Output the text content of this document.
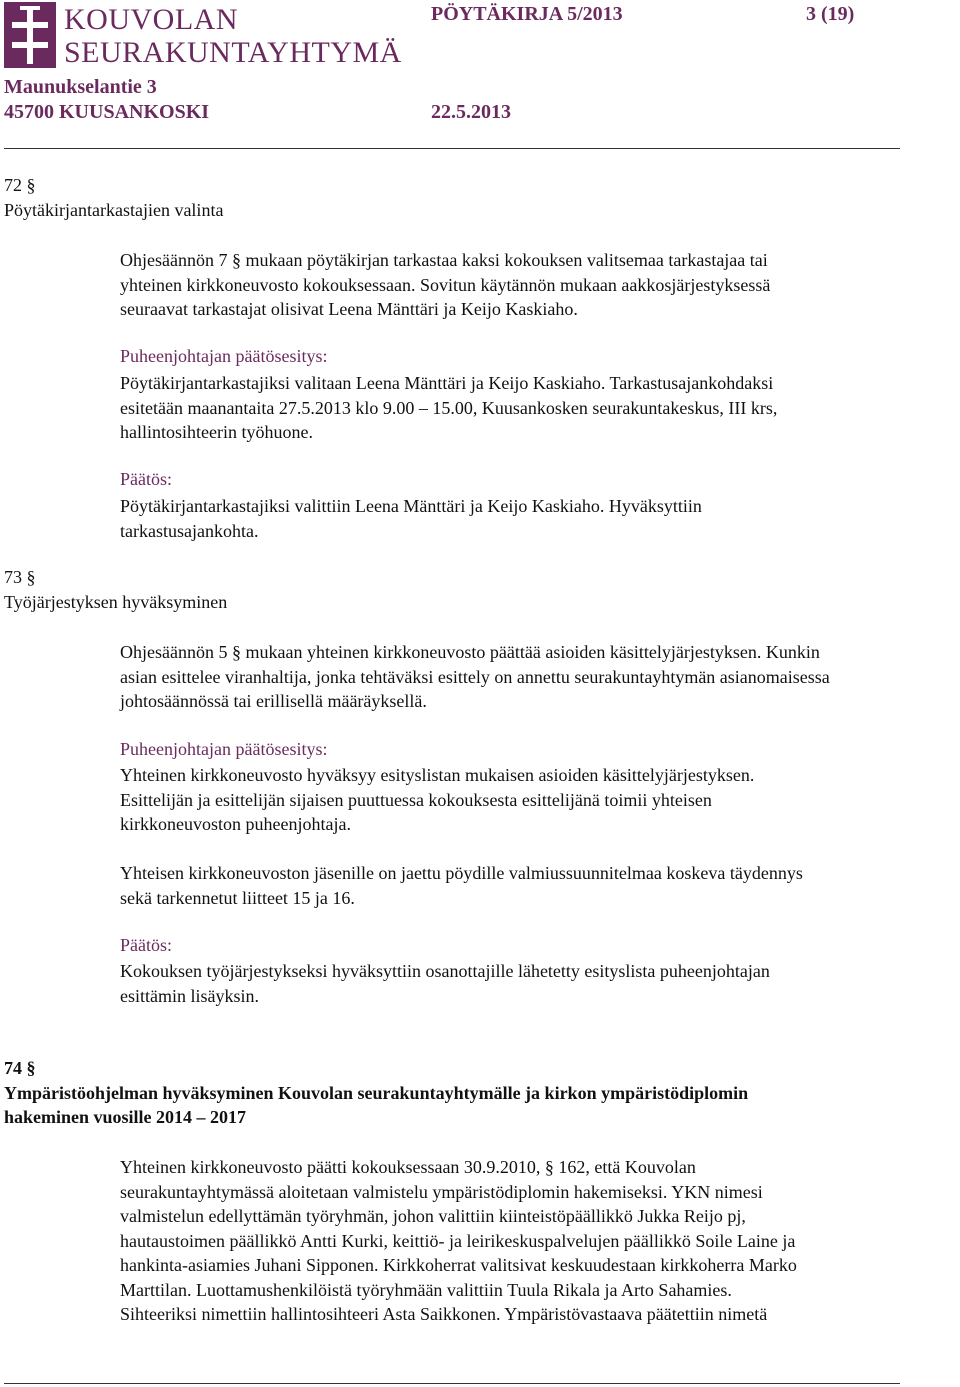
KOUVOLAN
SEURAKUNTAYHTYMÄ
Maunukselantie 3
45700 KUUSANKOSKI	22.5.2013
PÖYTÄKIRJA 5/2013	3 (19)
72 §
Pöytäkirjantarkastajien valinta
Ohjesäännön 7 § mukaan pöytäkirjan tarkastaa kaksi kokouksen valitsemaa tarkastajaa tai
yhteinen kirkkoneuvosto kokouksessaan. Sovitun käytännön mukaan aakkosjärjestyksessä
seuraavat tarkastajat olisivat Leena Mänttäri ja Keijo Kaskiaho.
Puheenjohtajan päätösesitys:
Pöytäkirjantarkastajiksi valitaan Leena Mänttäri ja Keijo Kaskiaho. Tarkastusajankohdaksi
esitetään maanantaita 27.5.2013 klo 9.00 – 15.00, Kuusankosken seurakuntakeskus, III krs,
hallintosihteerin työhuone.
Päätös:
Pöytäkirjantarkastajiksi valittiin Leena Mänttäri ja Keijo Kaskiaho. Hyväksyttiin
tarkastusajankohta.
73 §
Työjärjestyksen hyväksyminen
Ohjesäännön 5 § mukaan yhteinen kirkkoneuvosto päättää asioiden käsittelyjärjestyksen. Kunkin
asian esittelee viranhaltija, jonka tehtäväksi esittely on annettu seurakuntayhtymän asianomaisessa
johtosäännössä tai erillisellä määräyksellä.
Puheenjohtajan päätösesitys:
Yhteinen kirkkoneuvosto hyväksyy esityslistan mukaisen asioiden käsittelyjärjestyksen.
Esittelijän ja esittelijän sijaisen puuttuessa kokouksesta esittelijänä toimii yhteisen
kirkkoneuvoston puheenjohtaja.
Yhteisen kirkkoneuvoston jäsenille on jaettu pöydille valmiussuunnitelmaa koskeva täydennys
sekä tarkennetut liitteet 15 ja 16.
Päätös:
Kokouksen työjärjestykseksi hyväksyttiin osanottajille lähetetty esityslista puheenjohtajan
esittämin lisäyksin.
74 §
Ympäristöohjelman hyväksyminen Kouvolan seurakuntayhtymälle ja kirkon ympäristödiplomin
hakeminen vuosille 2014 – 2017
Yhteinen kirkkoneuvosto päätti kokouksessaan 30.9.2010, § 162, että Kouvolan
seurakuntayhtymässä aloitetaan valmistelu ympäristödiplomin hakemiseksi. YKN nimesi
valmistelun edellyttämän työryhmän, johon valittiin kiinteistöpäällikkö Jukka Reijo pj,
hautaustoimen päällikkö Antti Kurki, keittiö- ja leirikeskuspalvelujen päällikkö Soile Laine ja
hankinta-asiamies Juhani Sipponen. Kirkkoherrat valitsivat keskuudestaan kirkkoherra Marko
Marttilan. Luottamushenkilöistä työryhmään valittiin Tuula Rikala ja Arto Sahamies.
Sihteeriksi nimettiin hallintosihteeri Asta Saikkonen. Ympäristövastaava päätettiin nimetä
